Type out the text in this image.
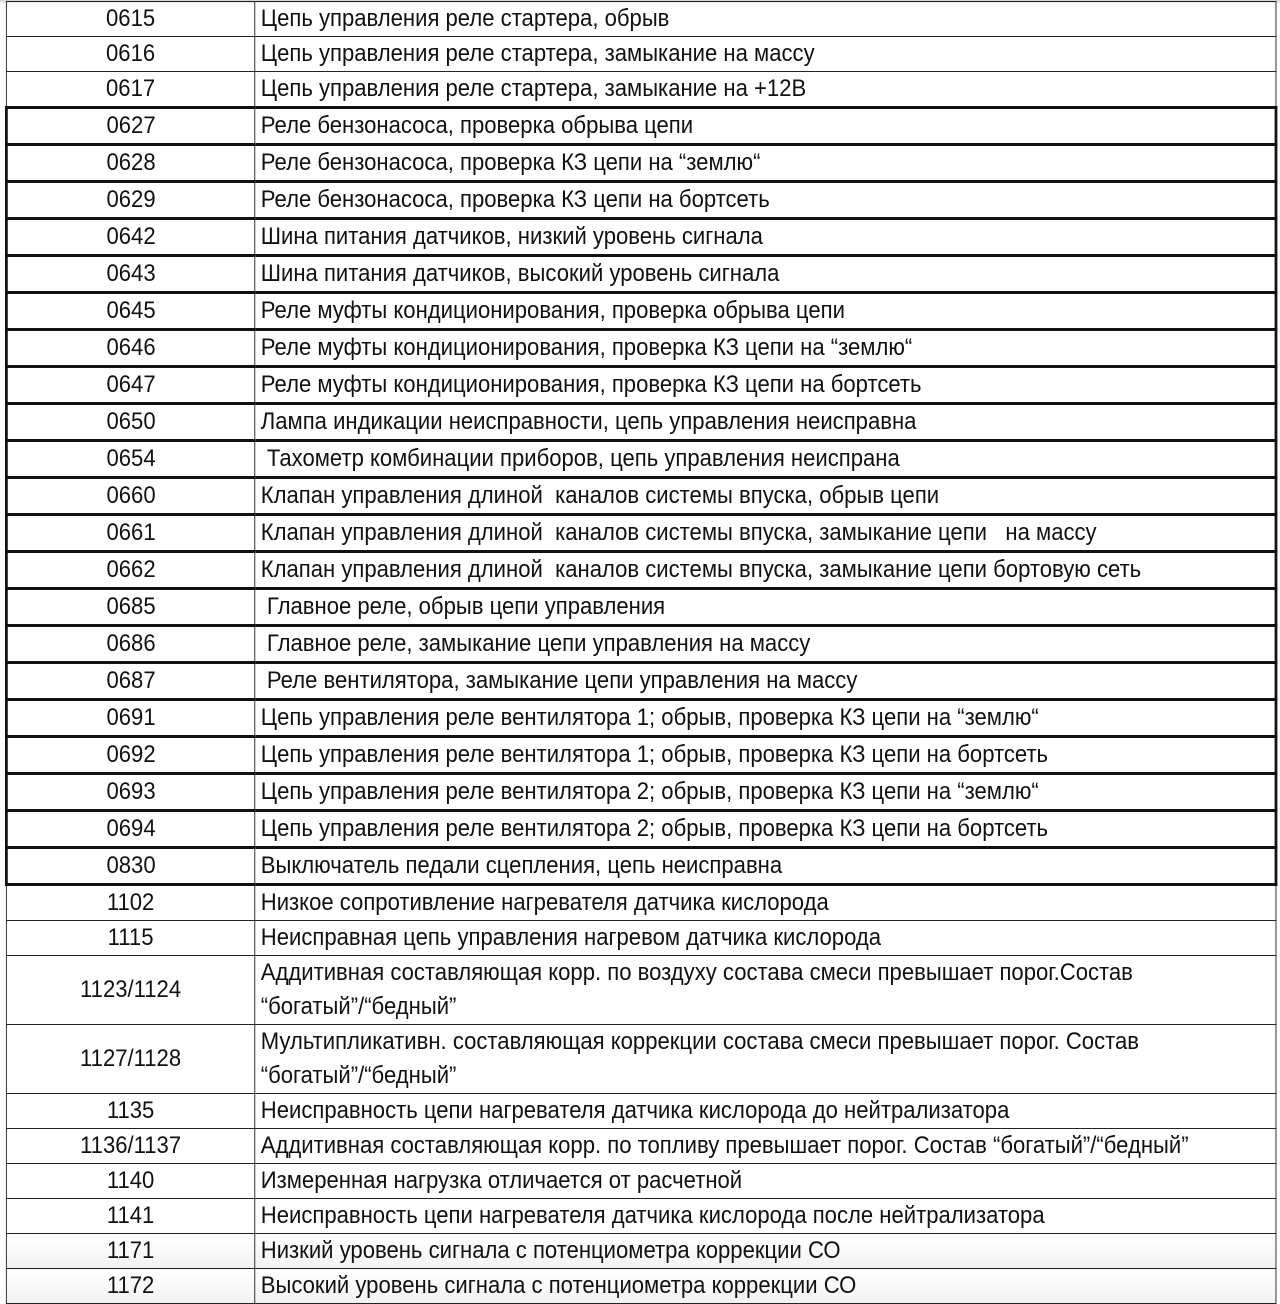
0615	Цепь управления реле стартера, обрыв
0616	Цепь управления реле стартера, замыкание на массу
0617	Цепь управления реле стартера, замыкание на +12В
0627	Реле бензонасоса, проверка обрыва цепи
0628	Реле бензонасоса, проверка КЗ цепи на “землю“
0629	Реле бензонасоса, проверка КЗ цепи на бортсеть
0642	Шина питания датчиков, низкий уровень сигнала
0643	Шина питания датчиков, высокий уровень сигнала
0645	Реле муфты кондиционирования, проверка обрыва цепи
0646	Реле муфты кондиционирования, проверка КЗ цепи на “землю“
0647	Реле муфты кондиционирования, проверка КЗ цепи на бортсеть
0650	Лампа индикации неисправности, цепь управления неисправна
0654	Тахометр комбинации приборов, цепь управления неиспрана
0660	Клапан управления длиной  каналов системы впуска, обрыв цепи
0661	Клапан управления длиной  каналов системы впуска, замыкание цепи   на массу
0662	Клапан управления длиной  каналов системы впуска, замыкание цепи бортовую сеть
0685	Главное реле, обрыв цепи управления
0686	Главное реле, замыкание цепи управления на массу
0687	Реле вентилятора, замыкание цепи управления на массу
0691	Цепь управления реле вентилятора 1; обрыв, проверка КЗ цепи на “землю“
0692	Цепь управления реле вентилятора 1; обрыв, проверка КЗ цепи на бортсеть
0693	Цепь управления реле вентилятора 2; обрыв, проверка КЗ цепи на “землю“
0694	Цепь управления реле вентилятора 2; обрыв, проверка КЗ цепи на бортсеть
0830	Выключатель педали сцепления, цепь неисправна
1102	Низкое сопротивление нагревателя датчика кислорода
1115	Неисправная цепь управления нагревом датчика кислорода
1123/1124	Аддитивная составляющая корр. по воздуху состава смеси превышает порог.Состав “богатый”/“бедный”
1127/1128	Мультипликативн. составляющая коррекции состава смеси превышает порог. Состав “богатый”/“бедный”
1135	Неисправность цепи нагревателя датчика кислорода до нейтрализатора
1136/1137	Аддитивная составляющая корр. по топливу превышает порог. Состав “богатый”/“бедный”
1140	Измеренная нагрузка отличается от расчетной
1141	Неисправность цепи нагревателя датчика кислорода после нейтрализатора
1171	Низкий уровень сигнала с потенциометра коррекции СО
1172	Высокий уровень сигнала с потенциометра коррекции СО
